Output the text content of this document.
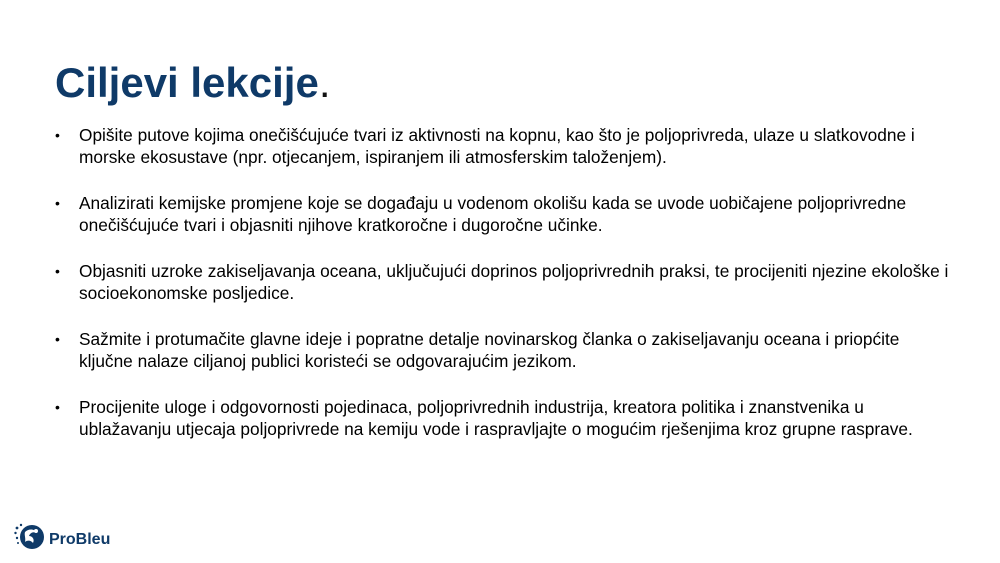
Ciljevi lekcije.
• Opišite putove kojima onečišćujuće tvari iz aktivnosti na kopnu, kao što je poljoprivreda, ulaze u slatkovodne i morske ekosustave (npr. otjecanjem, ispiranjem ili atmosferskim taloženjem).
• Analizirati kemijske promjene koje se događaju u vodenom okolišu kada se uvode uobičajene poljoprivredne onečišćujuće tvari i objasniti njihove kratkoročne i dugoročne učinke.
• Objasniti uzroke zakiseljavanja oceana, uključujući doprinos poljoprivrednih praksi, te procijeniti njezine ekološke i socioekonomske posljedice.
• Sažmite i protumačite glavne ideje i popratne detalje novinarskog članka o zakiseljavanju oceana i priopćite ključne nalaze ciljanoj publici koristeći se odgovarajućim jezikom.
• Procijenite uloge i odgovornosti pojedinaca, poljoprivrednih industrija, kreatora politika i znanstvenika u ublažavanju utjecaja poljoprivrede na kemiju vode i raspravljajte o mogućim rješenjima kroz grupne rasprave.
ProBleu
